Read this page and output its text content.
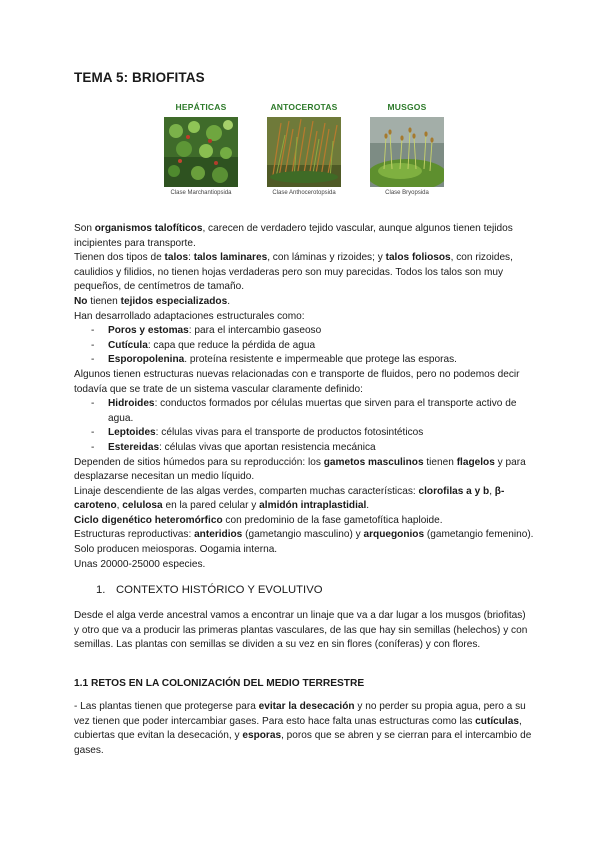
TEMA 5: BRIOFITAS
HEPÁTICAS
Clase Marchantiopsida
ANTOCEROTAS
Clase Anthocerotopsida
MUSGOS
Clase Bryopsida

Son organismos talofíticos, carecen de verdadero tejido vascular, aunque algunos tienen tejidos incipientes para transporte.

Tienen dos tipos de talos: talos laminares, con láminas y rizoides; y talos foliosos, con rizoides, caulidios y filidios, no tienen hojas verdaderas pero son muy parecidas. Todos los talos son muy pequeños, de centímetros de tamaño.

No tienen tejidos especializados.

Han desarrollado adaptaciones estructurales como:

- Poros y estomas: para el intercambio gaseoso
- Cutícula: capa que reduce la pérdida de agua
- Esporopolenina. proteína resistente e impermeable que protege las esporas.

Algunos tienen estructuras nuevas relacionadas con e transporte de fluidos, pero no podemos decir todavía que se trate de un sistema vascular claramente definido:

- Hidroides: conductos formados por células muertas que sirven para el transporte activo de agua.
- Leptoides: células vivas para el transporte de productos fotosintéticos
- Estereidas: células vivas que aportan resistencia mecánica

Dependen de sitios húmedos para su reproducción: los gametos masculinos tienen flagelos y para desplazarse necesitan un medio líquido.

Linaje descendiente de las algas verdes, comparten muchas características: clorofilas a y b, β-caroteno, celulosa en la pared celular y almidón intraplastidial.

Ciclo digenético heteromórfico con predominio de la fase gametofítica haploide.

Estructuras reproductivas: anteridios (gametangio masculino) y arquegonios (gametangio femenino). Solo producen meiosporas. Oogamia interna.

Unas 20000-25000 especies.

1. CONTEXTO HISTÓRICO Y EVOLUTIVO
Desde el alga verde ancestral vamos a encontrar un linaje que va a dar lugar a los musgos (briofitas) y otro que va a producir las primeras plantas vasculares, de las que hay sin semillas (helechos) y con semillas. Las plantas con semillas se dividen a su vez en sin flores (coníferas) y con flores.
1.1 RETOS EN LA COLONIZACIÓN DEL MEDIO TERRESTRE
- Las plantas tienen que protegerse para evitar la desecación y no perder su propia agua, pero a su vez tienen que poder intercambiar gases. Para esto hace falta unas estructuras como las cutículas, cubiertas que evitan la desecación, y esporas, poros que se abren y se cierran para el intercambio de gases.
